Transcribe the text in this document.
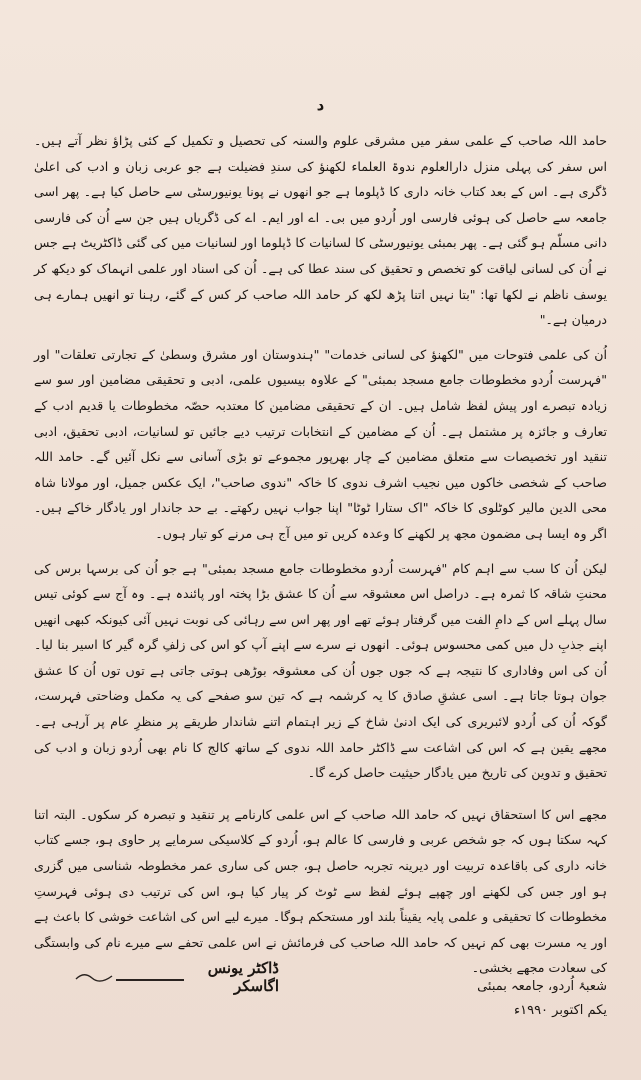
د

حامد اللہ صاحب کے علمی سفر میں مشرقی علوم والسنہ کی تحصیل و تکمیل کے کئی پڑاؤ نظر آتے ہیں۔ اس سفر کی پہلی منزل دارالعلوم ندوۃ العلماء لکھنؤ کی سندِ فضیلت ہے جو عربی زبان و ادب کی اعلیٰ ڈگری ہے۔ اس کے بعد کتاب خانہ داری کا ڈپلوما ہے جو انھوں نے پونا یونیورسٹی سے حاصل کیا ہے۔ پھر اسی جامعہ سے حاصل کی ہوئی فارسی اور اُردو میں بی۔ اے اور ایم۔ اے کی ڈگریاں ہیں جن سے اُن کی فارسی دانی مسلّم ہو گئی ہے۔ پھر بمبئی یونیورسٹی کا لسانیات کا ڈپلوما اور لسانیات میں کی گئی ڈاکٹریٹ ہے جس نے اُن کی لسانی لیاقت کو تخصص و تحقیق کی سند عطا کی ہے۔ اُن کی اسناد اور علمی انہماک کو دیکھ کر یوسف ناظم نے لکھا تھا: "بتا نہیں اتنا پڑھ لکھ کر حامد اللہ صاحب کر کس کے گئے، رہنا تو انھیں ہمارے ہی درمیان ہے۔"

اُن کی علمی فتوحات میں "لکھنؤ کی لسانی خدمات" "ہندوستان اور مشرق وسطیٰ کے تجارتی تعلقات" اور "فہرست اُردو مخطوطات جامع مسجد بمبئی" کے علاوہ بیسیوں علمی، ادبی و تحقیقی مضامین اور سو سے زیادہ تبصرے اور پیش لفظ شامل ہیں۔ ان کے تحقیقی مضامین کا معتدبہ حصّہ مخطوطات یا قدیم ادب کے تعارف و جائزہ پر مشتمل ہے۔ اُن کے مضامین کے انتخابات ترتیب دیے جائیں تو لسانیات، ادبی تحقیق، ادبی تنقید اور تخصیصات سے متعلق مضامین کے چار بھرپور مجموعے تو بڑی آسانی سے نکل آئیں گے۔ حامد اللہ صاحب کے شخصی خاکوں میں نجیب اشرف ندوی کا خاکہ "ندوی صاحب"، ایک عکس جمیل، اور مولانا شاہ محی الدین مالیر کوٹلوی کا خاکہ "اک ستارا ٹوٹا" اپنا جواب نہیں رکھتے۔ بے حد جاندار اور یادگار خاکے ہیں۔ اگر وہ ایسا ہی مضمون مجھ پر لکھنے کا وعدہ کریں تو میں آج ہی مرنے کو تیار ہوں۔

لیکن اُن کا سب سے اہم کام "فہرست اُردو مخطوطات جامع مسجد بمبئی" ہے جو اُن کی برسہا برس کی محنتِ شاقہ کا ثمرہ ہے۔ دراصل اس معشوقہ سے اُن کا عشق بڑا پختہ اور پائندہ ہے۔ وہ آج سے کوئی تیس سال پہلے اس کے دامِ الفت میں گرفتار ہوئے تھے اور پھر اس سے رہائی کی نوبت نہیں آئی کیونکہ کبھی انھیں اپنے جذبِ دل میں کمی محسوس ہوئی۔ انھوں نے سرے سے اپنے آپ کو اس کی زلفِ گرہ گیر کا اسیر بنا لیا۔ اُن کی اس وفاداری کا نتیجہ ہے کہ جوں جوں اُن کی معشوقہ بوڑھی ہوتی جاتی ہے توں توں اُن کا عشق جوان ہوتا جاتا ہے۔ اسی عشقِ صادق کا یہ کرشمہ ہے کہ تین سو صفحے کی یہ مکمل وضاحتی فہرست، گوکہ اُن کی اُردو لائبریری کی ایک ادنیٰ شاخ کے زیر اہتمام اتنے شاندار طریقے پر منظرِ عام پر آرہی ہے۔ مجھے یقین ہے کہ اس کی اشاعت سے ڈاکٹر حامد اللہ ندوی کے ساتھ کالج کا نام بھی اُردو زبان و ادب کی تحقیق و تدوین کی تاریخ میں یادگار حیثیت حاصل کرے گا۔

مجھے اس کا استحقاق نہیں کہ حامد اللہ صاحب کے اس علمی کارنامے پر تنقید و تبصرہ کر سکوں۔ البتہ اتنا کہہ سکتا ہوں کہ جو شخص عربی و فارسی کا عالم ہو، اُردو کے کلاسیکی سرمایے پر حاوی ہو، جسے کتاب خانہ داری کی باقاعدہ تربیت اور دیرینہ تجربہ حاصل ہو، جس کی ساری عمر مخطوطہ شناسی میں گزری ہو اور جس کی لکھنے اور چھپے ہوئے لفظ سے ٹوٹ کر پیار کیا ہو، اس کی ترتیب دی ہوئی فہرستِ مخطوطات کا تحقیقی و علمی پایہ یقیناً بلند اور مستحکم ہوگا۔ میرے لیے اس کی اشاعت خوشی کا باعث ہے اور یہ مسرت بھی کم نہیں کہ حامد اللہ صاحب کی فرمائش نے اس علمی تحفے سے میرے نام کی وابستگی کی سعادت مجھے بخشی۔

ڈاکٹر یونس اگاسکر	شعبۂ اُردو، جامعہ بمبئی
یکم اکتوبر ۱۹۹۰ء
